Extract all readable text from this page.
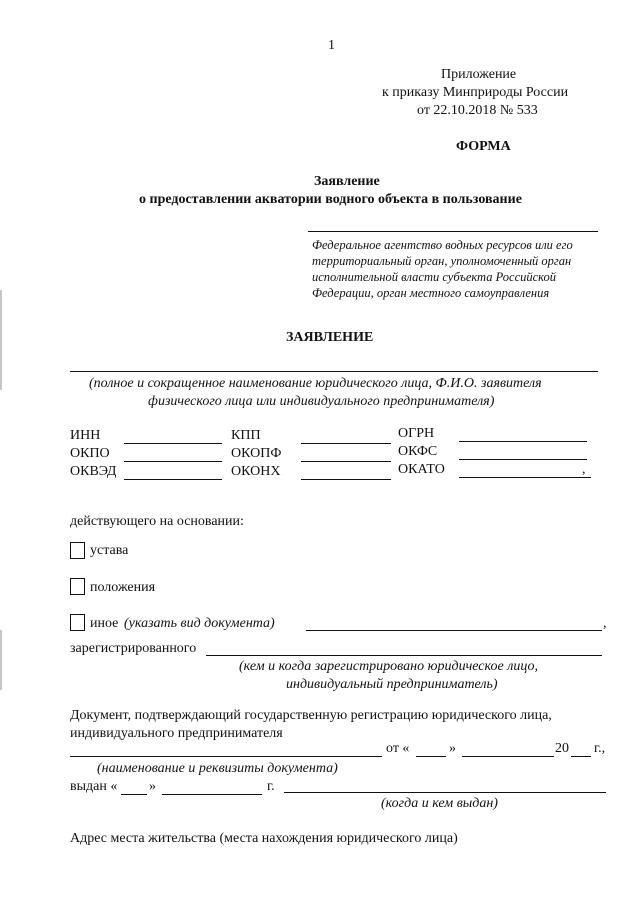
1
Приложение
к приказу Минприроды России
от 22.10.2018 № 533
ФОРМА
Заявление
о предоставлении акватории водного объекта в пользование
Федеральное агентство водных ресурсов или его
территориальный орган, уполномоченный орган
исполнительной власти субъекта Российской
Федерации, орган местного самоуправления
ЗАЯВЛЕНИЕ
(полное и сокращенное наименование юридического лица, Ф.И.О. заявителя
физического лица или индивидуального предпринимателя)
ИНН	КПП	ОГРН
ОКПО	ОКОПФ	ОКФС
ОКВЭД	ОКОНХ	ОКАТО	,
действующего на основании:
устава
положения
иное (указать вид документа)	,
зарегистрированного
(кем и когда зарегистрировано юридическое лицо,
индивидуальный предприниматель)
Документ, подтверждающий государственную регистрацию юридического лица,
индивидуального предпринимателя
от «	»	20 г.,
(наименование и реквизиты документа)
выдан « »	г.
(когда и кем выдан)
Адрес места жительства (места нахождения юридического лица)
